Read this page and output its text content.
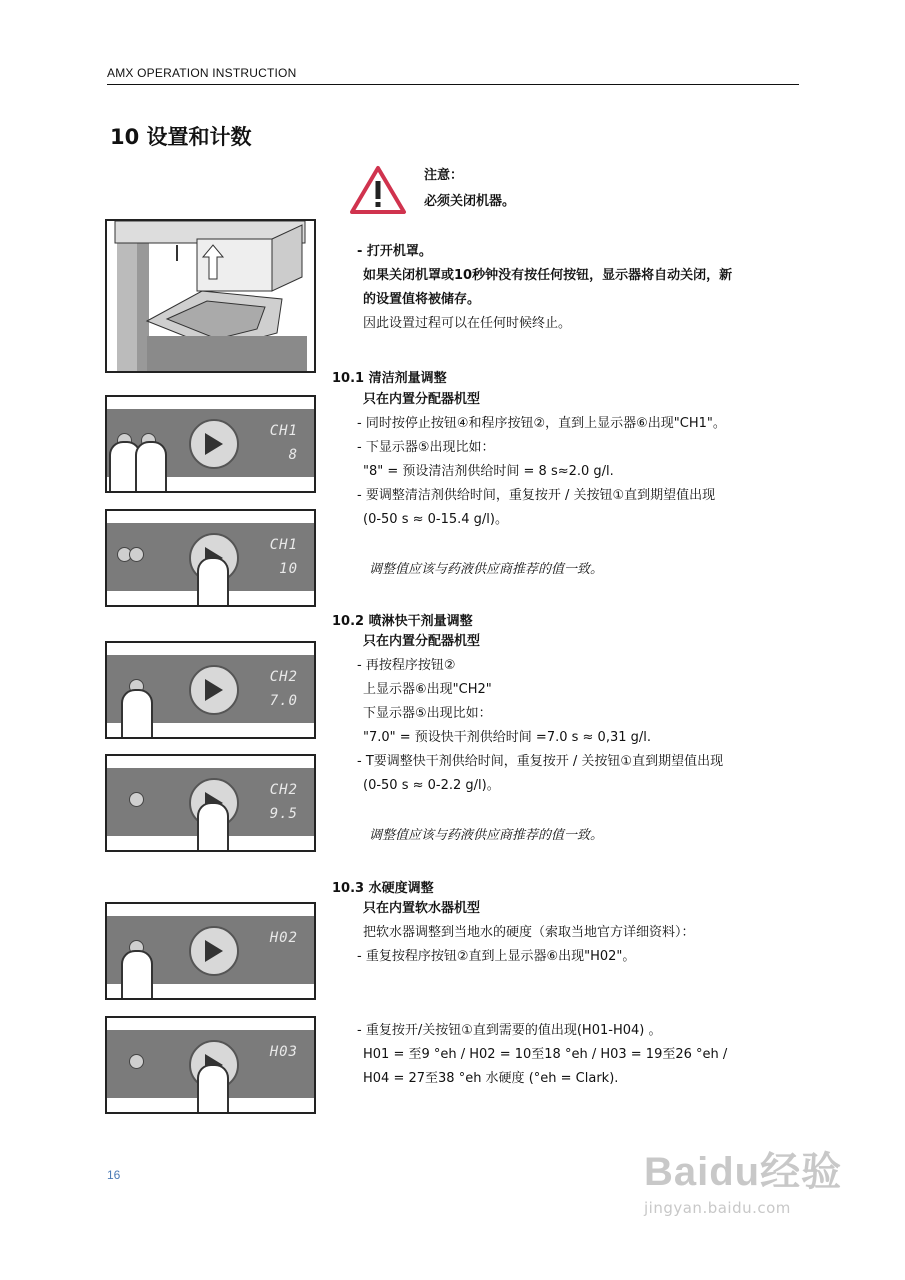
AMX OPERATION INSTRUCTION
10 设置和计数
注意：
必须关闭机器。
- 打开机罩。
如果关闭机罩或10秒钟没有按任何按钮，显示器将自动关闭，新
的设置值将被储存。
因此设置过程可以在任何时候终止。
10.1 清洁剂量调整
只在内置分配器机型
- 同时按停止按钮④和程序按钮②，直到上显示器⑥出现"CH1"。
- 下显示器⑤出现比如：
"8" = 预设清洁剂供给时间 = 8 s≈2.0 g/l.
- 要调整清洁剂供给时间，重复按开 / 关按钮①直到期望值出现
(0-50 s ≈ 0-15.4 g/l)。
调整值应该与药液供应商推荐的值一致。
10.2 喷淋快干剂量调整
只在内置分配器机型
- 再按程序按钮②
上显示器⑥出现"CH2"
下显示器⑤出现比如：
"7.0" = 预设快干剂供给时间 =7.0 s ≈ 0,31 g/l.
- T要调整快干剂供给时间，重复按开 / 关按钮①直到期望值出现
(0-50 s ≈ 0-2.2 g/l)。
调整值应该与药液供应商推荐的值一致。
10.3 水硬度调整
只在内置软水器机型
把软水器调整到当地水的硬度（索取当地官方详细资料）：
- 重复按程序按钮②直到上显示器⑥出现"H02"。
- 重复按开/关按钮①直到需要的值出现(H01-H04) 。
H01 = 至9 °eh / H02 = 10至18 °eh / H03 = 19至26 °eh /
H04 = 27至38 °eh 水硬度 (°eh = Clark).
CH1
8
CH1
10
CH2
7.0
CH2
9.5
H02
H03
16	Baidu经验
jingyan.baidu.com
